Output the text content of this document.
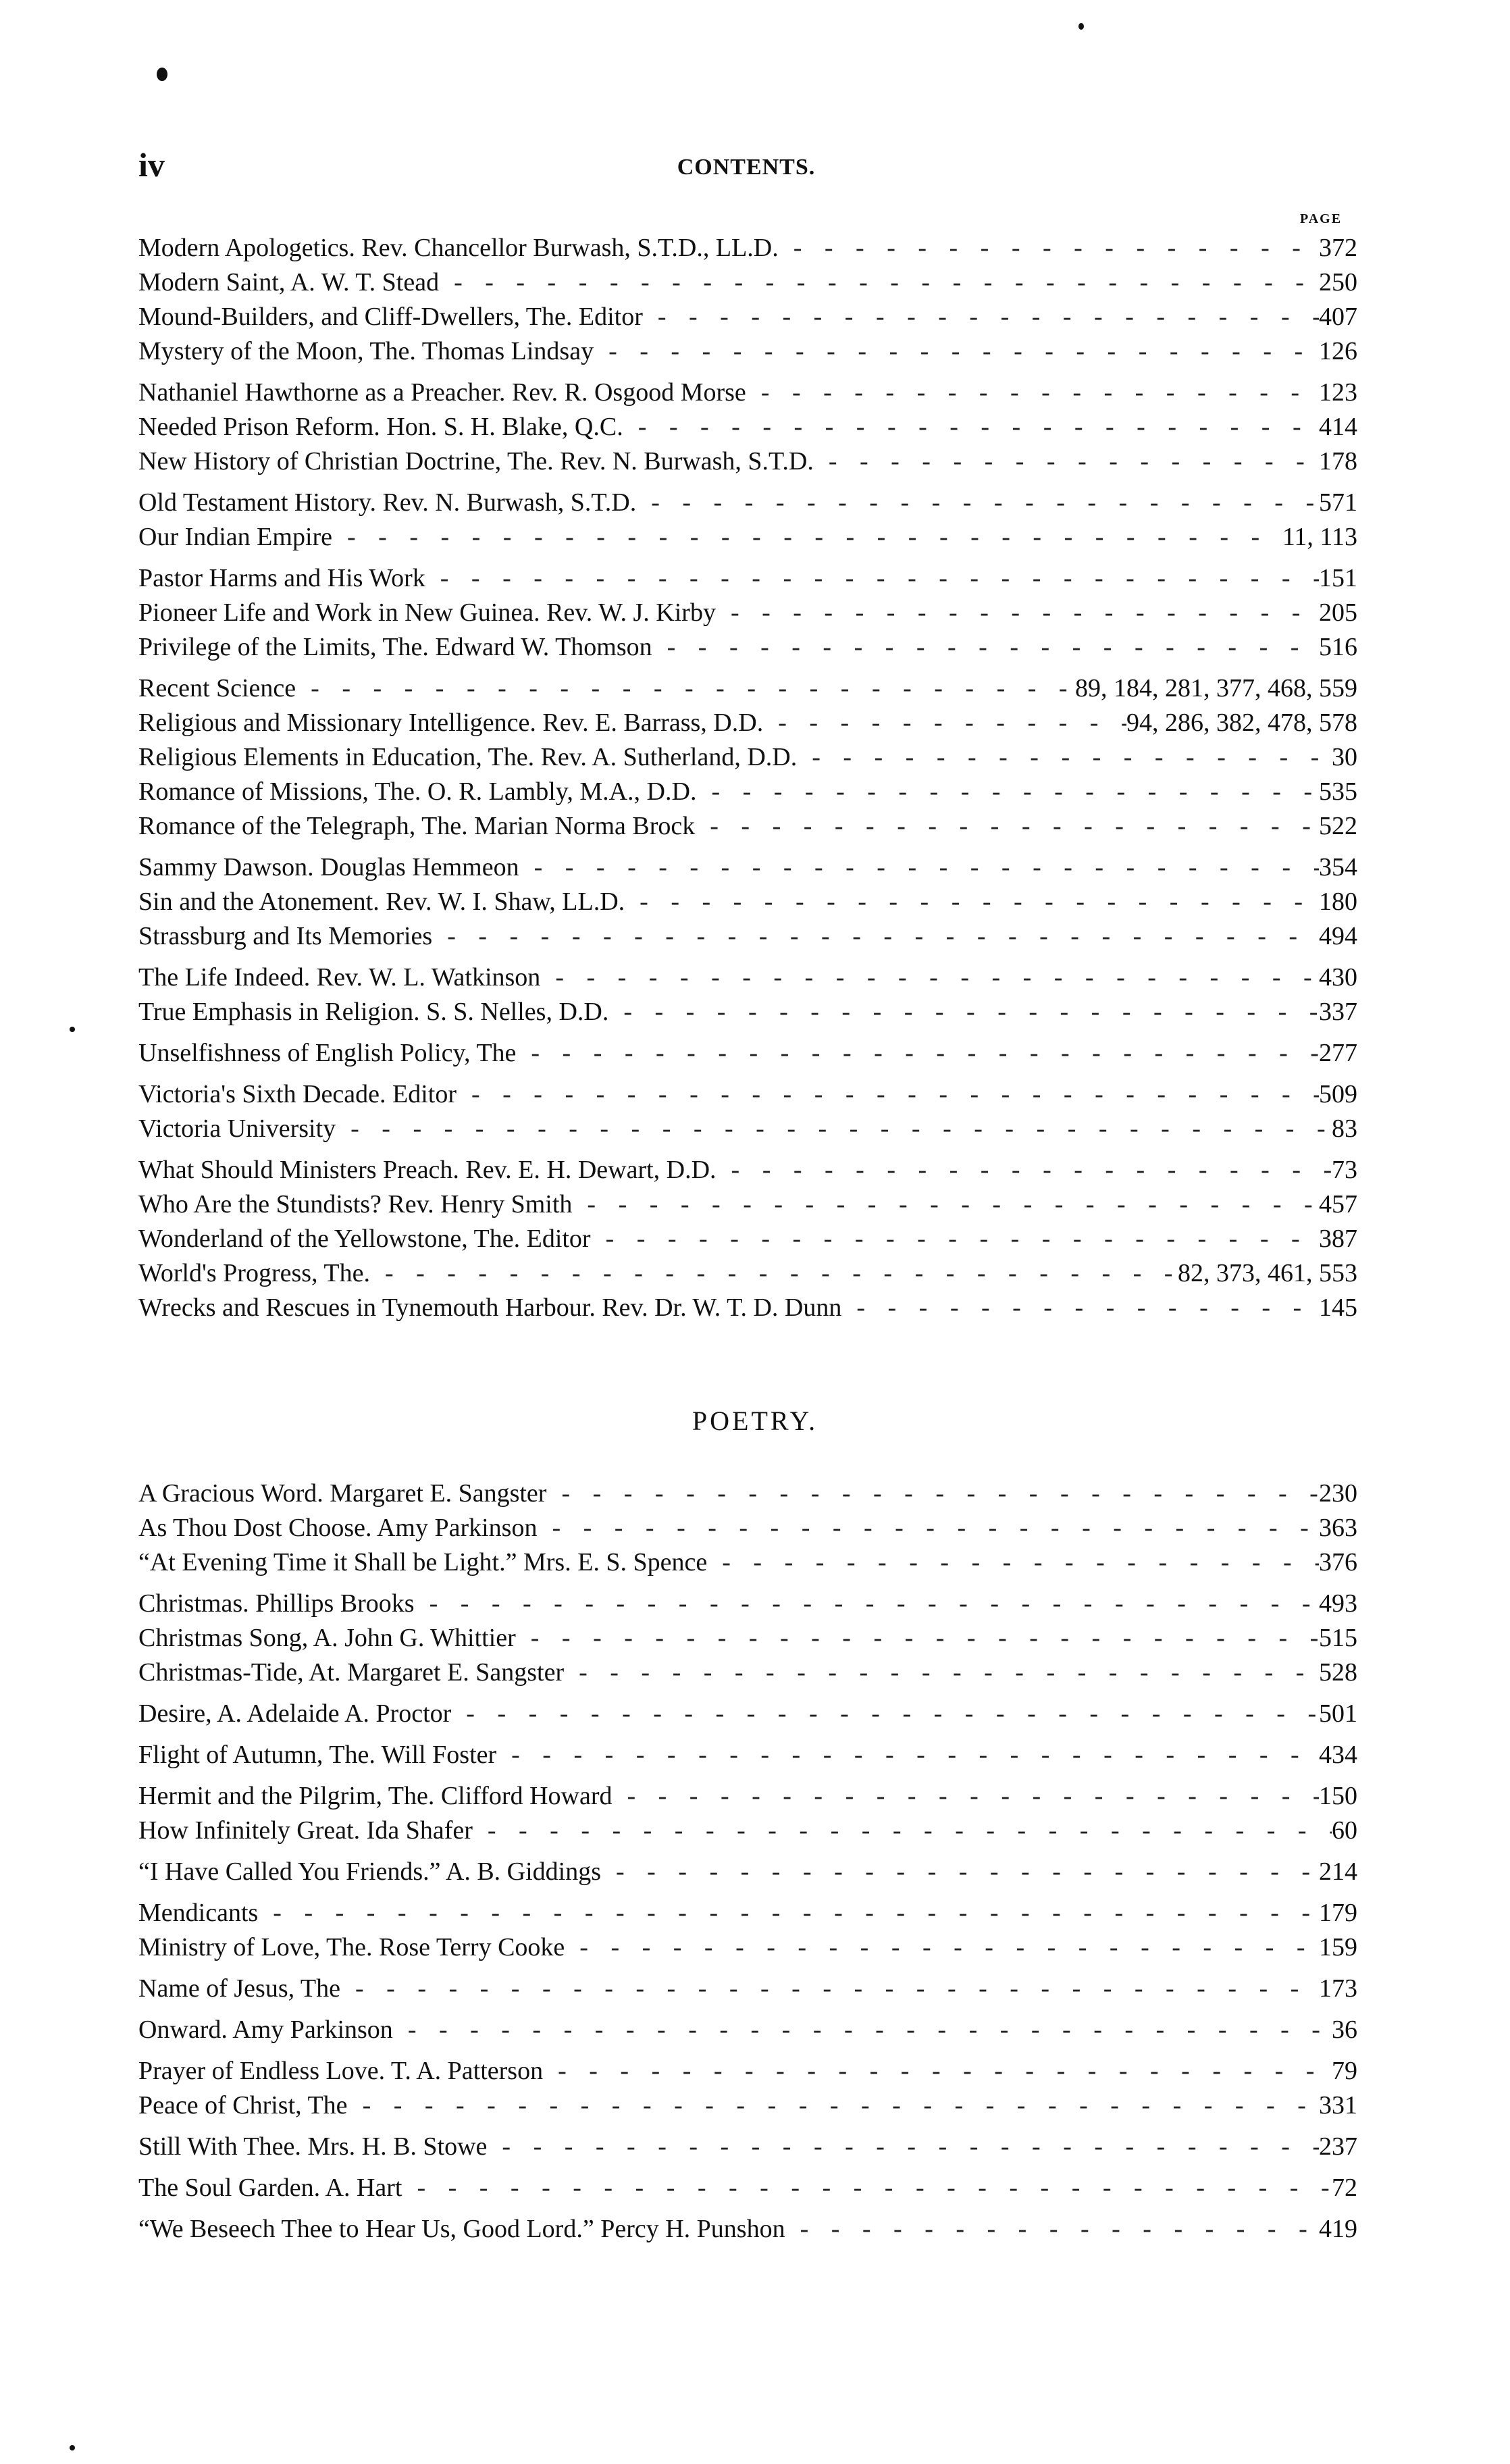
iv	CONTENTS.
PAGE
Modern Apologetics. Rev. Chancellor Burwash, S.T.D., LL.D. - - -	372
Modern Saint, A. W. T. Stead - - -	250
Mound-Builders, and Cliff-Dwellers, The. Editor - - -	407
Mystery of the Moon, The. Thomas Lindsay - - -	126
Nathaniel Hawthorne as a Preacher. Rev. R. Osgood Morse - - -	123
Needed Prison Reform. Hon. S. H. Blake, Q.C. - - -	414
New History of Christian Doctrine, The. Rev. N. Burwash, S.T.D. - - -	178
Old Testament History. Rev. N. Burwash, S.T.D. - - -	571
Our Indian Empire - - -	11, 113
Pastor Harms and His Work - - -	151
Pioneer Life and Work in New Guinea. Rev. W. J. Kirby - - -	205
Privilege of the Limits, The. Edward W. Thomson - - -	516
Recent Science - - -	89, 184, 281, 377, 468, 559
Religious and Missionary Intelligence. Rev. E. Barrass, D.D. - - -	94, 286, 382, 478, 578
Religious Elements in Education, The. Rev. A. Sutherland, D.D. - - -	30
Romance of Missions, The. O. R. Lambly, M.A., D.D. - - -	535
Romance of the Telegraph, The. Marian Norma Brock - - -	522
Sammy Dawson. Douglas Hemmeon - - -	354
Sin and the Atonement. Rev. W. I. Shaw, LL.D. - - -	180
Strassburg and Its Memories - - -	494
The Life Indeed. Rev. W. L. Watkinson - - -	430
True Emphasis in Religion. S. S. Nelles, D.D. - - -	337
Unselfishness of English Policy, The - - -	277
Victoria's Sixth Decade. Editor - - -	509
Victoria University - - -	83
What Should Ministers Preach. Rev. E. H. Dewart, D.D. - - -	73
Who Are the Stundists? Rev. Henry Smith - - -	457
Wonderland of the Yellowstone, The. Editor - - -	387
World's Progress, The. - - -	82, 373, 461, 553
Wrecks and Rescues in Tynemouth Harbour. Rev. Dr. W. T. D. Dunn - - -	145
POETRY.
A Gracious Word. Margaret E. Sangster - - -	230
As Thou Dost Choose. Amy Parkinson - - -	363
“At Evening Time it Shall be Light.” Mrs. E. S. Spence - - -	376
Christmas. Phillips Brooks - - -	493
Christmas Song, A. John G. Whittier - - -	515
Christmas-Tide, At. Margaret E. Sangster - - -	528
Desire, A. Adelaide A. Proctor - - -	501
Flight of Autumn, The. Will Foster - - -	434
Hermit and the Pilgrim, The. Clifford Howard - - -	150
How Infinitely Great. Ida Shafer - - -	60
“I Have Called You Friends.” A. B. Giddings - - -	214
Mendicants - - -	179
Ministry of Love, The. Rose Terry Cooke - - -	159
Name of Jesus, The - - -	173
Onward. Amy Parkinson - - -	36
Prayer of Endless Love. T. A. Patterson - - -	79
Peace of Christ, The - - -	331
Still With Thee. Mrs. H. B. Stowe - - -	237
The Soul Garden. A. Hart - - -	72
“We Beseech Thee to Hear Us, Good Lord.” Percy H. Punshon - - -	419
